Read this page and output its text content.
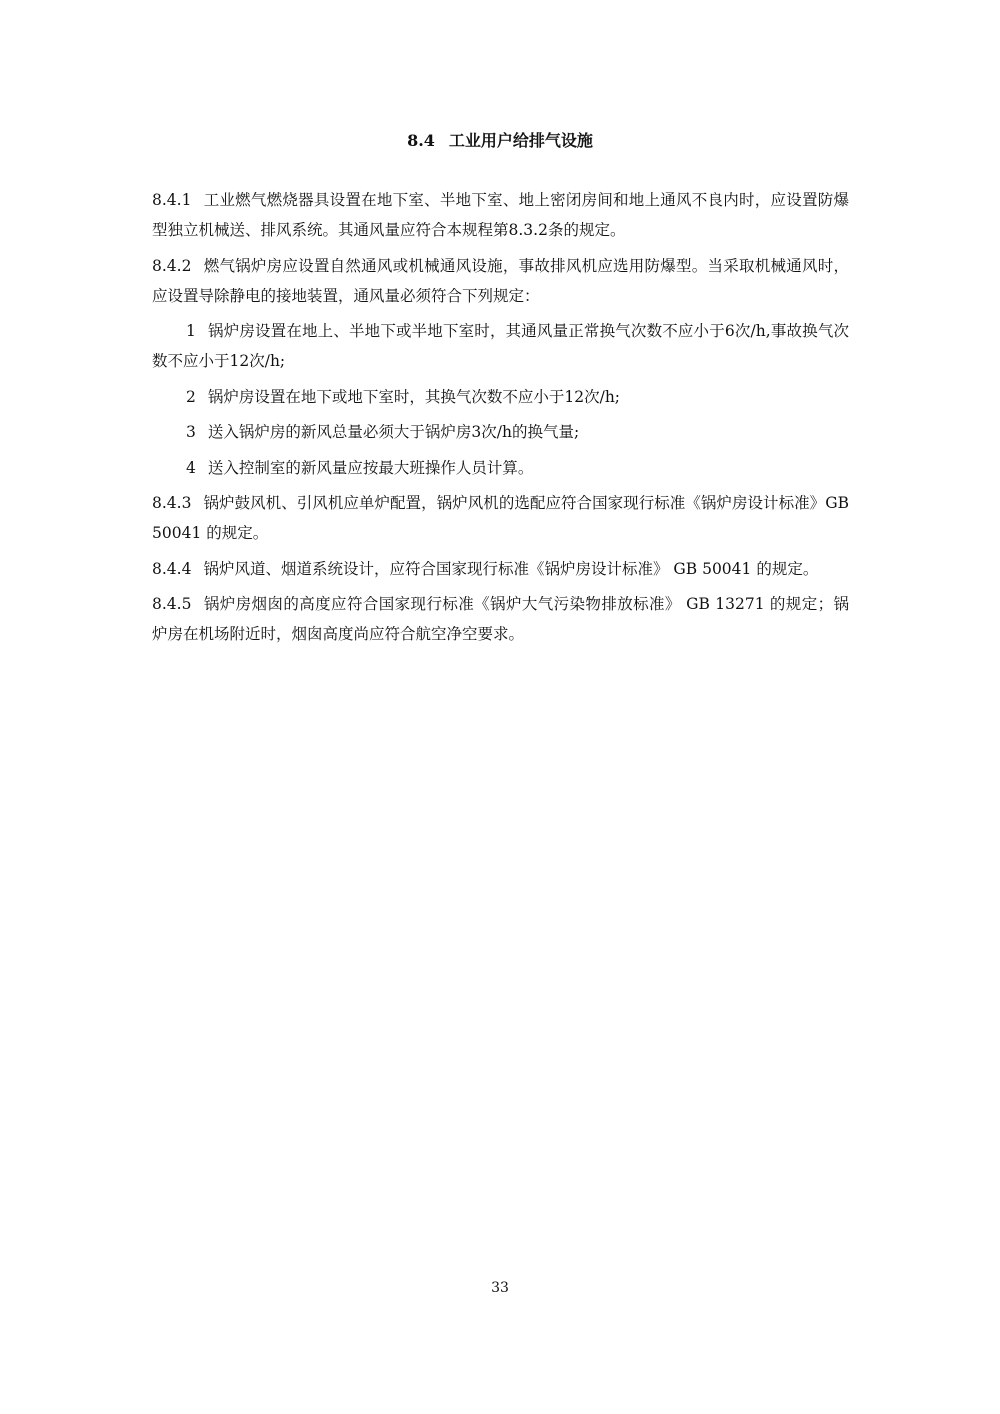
8.4 工业用户给排气设施

8.4.1 工业燃气燃烧器具设置在地下室、半地下室、地上密闭房间和地上通风不良内时，应设置防爆型独立机械送、排风系统。其通风量应符合本规程第8.3.2条的规定。

8.4.2 燃气锅炉房应设置自然通风或机械通风设施，事故排风机应选用防爆型。当采取机械通风时，应设置导除静电的接地装置，通风量必须符合下列规定：

1 锅炉房设置在地上、半地下或半地下室时，其通风量正常换气次数不应小于6次/h,事故换气次数不应小于12次/h;

2 锅炉房设置在地下或地下室时，其换气次数不应小于12次/h;

3 送入锅炉房的新风总量必须大于锅炉房3次/h的换气量;

4 送入控制室的新风量应按最大班操作人员计算。

8.4.3 锅炉鼓风机、引风机应单炉配置，锅炉风机的选配应符合国家现行标准《锅炉房设计标准》GB 50041 的规定。

8.4.4 锅炉风道、烟道系统设计，应符合国家现行标准《锅炉房设计标准》 GB 50041 的规定。

8.4.5 锅炉房烟囱的高度应符合国家现行标准《锅炉大气污染物排放标准》 GB 13271 的规定；锅炉房在机场附近时，烟囱高度尚应符合航空净空要求。

33
